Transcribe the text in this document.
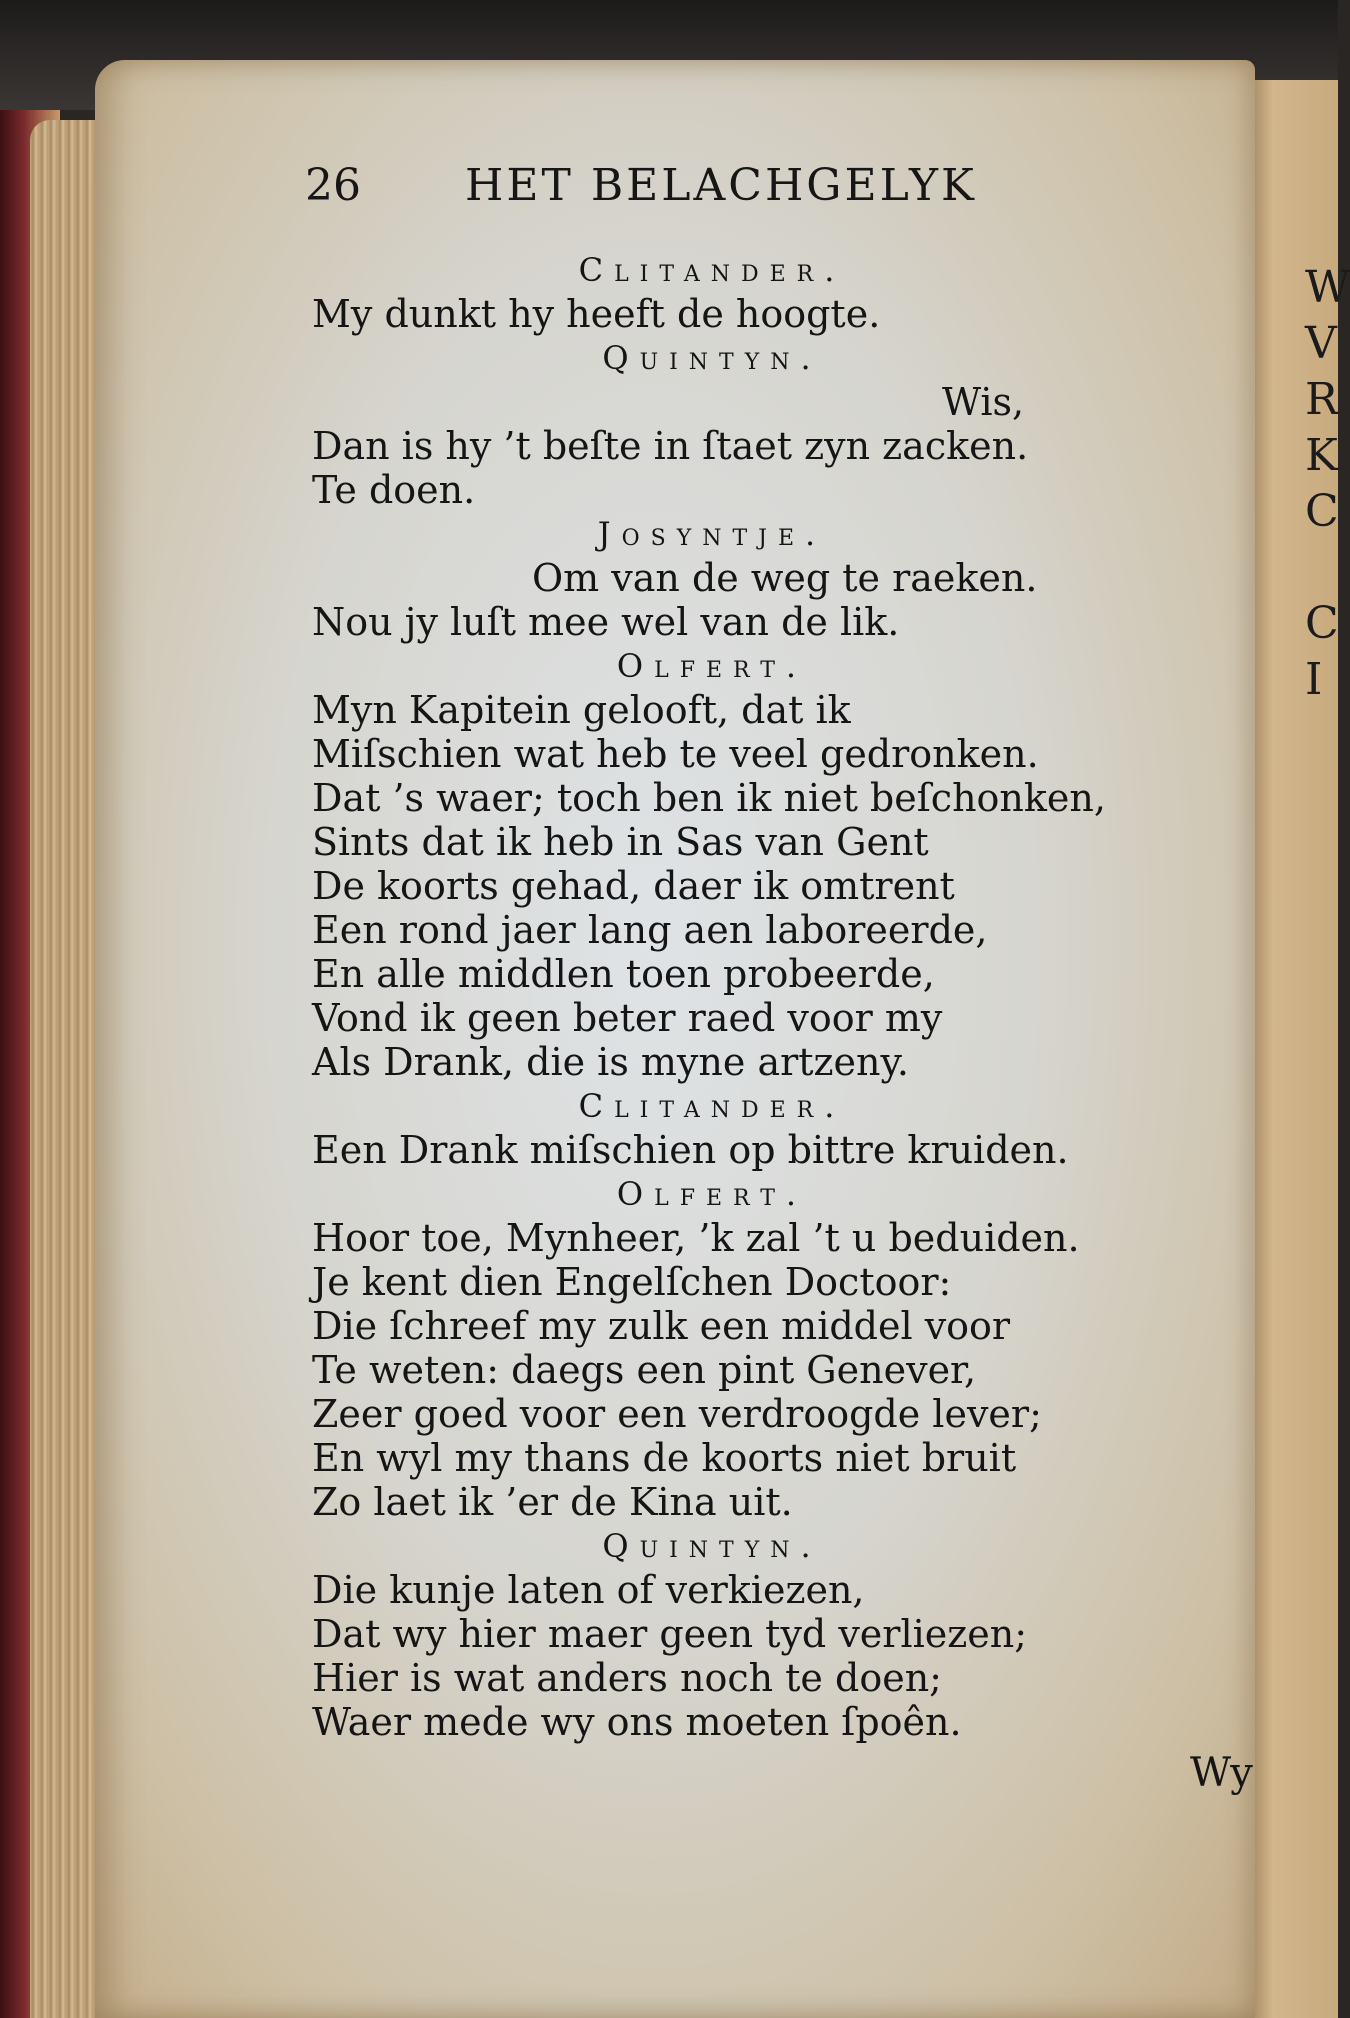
W
V
R
K
C

C
I
26 HET BELACHGELYK
Clitander.
My dunkt hy heeft de hoogte.
Quintyn.
Wis,
Dan is hy ’t beſte in ſtaet zyn zacken.
Te doen.
Josyntje.
Om van de weg te raeken.
Nou jy luſt mee wel van de lik.
Olfert.
Myn Kapitein gelooft, dat ik
Miſschien wat heb te veel gedronken.
Dat ’s waer; toch ben ik niet beſchonken,
Sints dat ik heb in Sas van Gent
De koorts gehad, daer ik omtrent
Een rond jaer lang aen laboreerde,
En alle middlen toen probeerde,
Vond ik geen beter raed voor my
Als Drank, die is myne artzeny.
Clitander.
Een Drank miſschien op bittre kruiden.
Olfert.
Hoor toe, Mynheer, ’k zal ’t u beduiden.
Je kent dien Engelſchen Doctoor:
Die ſchreef my zulk een middel voor
Te weten: daegs een pint Genever,
Zeer goed voor een verdroogde lever;
En wyl my thans de koorts niet bruit
Zo laet ik ’er de Kina uit.
Quintyn.
Die kunje laten of verkiezen,
Dat wy hier maer geen tyd verliezen;
Hier is wat anders noch te doen;
Waer mede wy ons moeten ſpoên.
Wy
